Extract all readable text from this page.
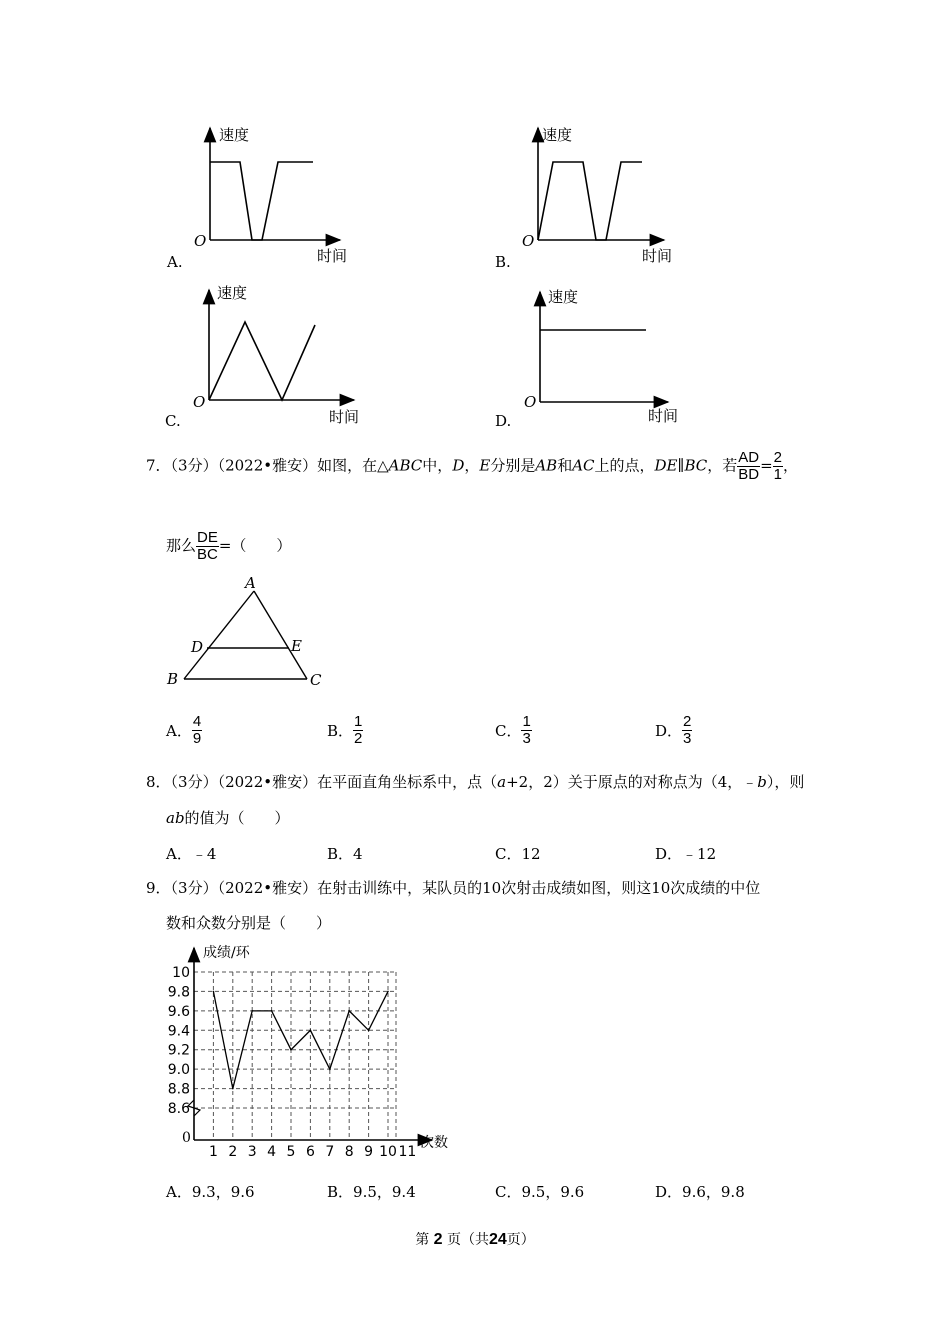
速度
O
时间
A.
速度
O
时间
B.
速度
O
时间
C.
速度
O
时间
D.
7．（3分）（2022•雅安）如图，在△ABC中，D，E分别是AB和AC上的点，DE∥BC，若 $\frac{AD}{BD} = \frac{2}{1}$ ，
那么 $\frac{DE}{BC}$ =（　　）
A
D	E
B	C
A． $\frac{4}{9}$	B． $\frac{1}{2}$	C． $\frac{1}{3}$	D． $\frac{2}{3}$
8．（3分）（2022•雅安）在平面直角坐标系中，点（a+2，2）关于原点的对称点为（4，﹣b），则
ab的值为（　　）
A．﹣4	B．4	C．12	D．﹣12
9．（3分）（2022•雅安）在射击训练中，某队员的10次射击成绩如图，则这10次成绩的中位
数和众数分别是（　　）
10
9.8
9.6
9.4
9.2
9.0
8.8
8.6
1 2 3 4 5 6 7 8 9 10 11
成绩/环
次数
0
A．9.3，9.6	B．9.5，9.4	C．9.5，9.6	D．9.6，9.8
第 2 页（共24页）
